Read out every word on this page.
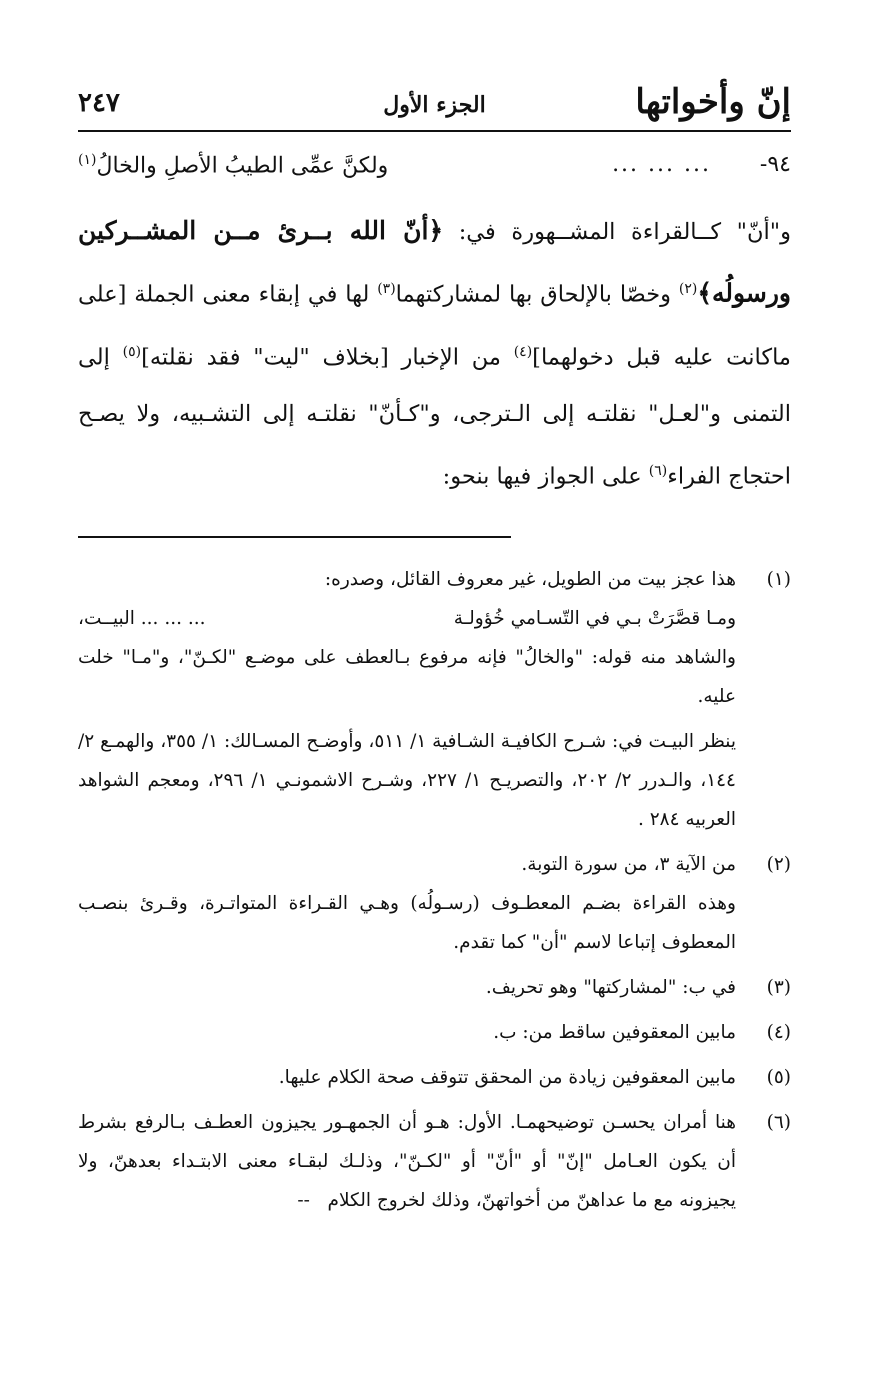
إنّ وأخواتها
الجزء الأول
٢٤٧
٩٤-
... ... ...
ولكنَّ عمِّى الطيبُ الأصلِ والخالُ$^{(١)}$

و"أنّ" كــالقراءة المشــهورة في: ﴿أنّ الله بــرئ مــن المشــركين ورسولُه﴾$^{(٢)}$ وخصّا بالإلحاق بها لمشاركتهما$^{(٣)}$ لها في إبقاء معنى الجملة [على ماكانت عليه قبل دخولهما]$^{(٤)}$ من الإخبار [بخلاف "ليت" فقد نقلته]$^{(٥)}$ إلى التمنى و"لعـل" نقلتـه إلى الـترجى، و"كـأنّ" نقلتـه إلى التشـبيه، ولا يصـح احتجاج الفراء$^{(٦)}$ على الجواز فيها بنحو:

(١)

هذا عجز بيت من الطويل، غير معروف القائل، وصدره:

ومـا قصَّرَتْ بـي في التّسـامي خُؤولـة
... ... ... البيــت،

والشاهد منه قوله: "والخالُ" فإنه مرفوع بـالعطف على موضـع "لكـنّ"، و"مـا" خلت عليه.

ينظر البيـت في: شـرح الكافيـة الشـافية ١/ ٥١١، وأوضـح المسـالك: ١/ ٣٥٥، والهمـع ٢/ ١٤٤، والـدرر ٢/ ٢٠٢، والتصريـح ١/ ٢٢٧، وشـرح الاشمونـي ١/ ٢٩٦، ومعجم الشواهد العربيه ٢٨٤ .

(٢)

من الآية ٣، من سورة التوبة.

وهذه القراءة بضـم المعطـوف (رسـولُه) وهـي القـراءة المتواتـرة، وقـرئ بنصـب المعطوف إتباعا لاسم "أن" كما تقدم.

(٣)

في ب: "لمشاركتها" وهو تحريف.

(٤)

مابين المعقوفين ساقط من: ب.

(٥)

مابين المعقوفين زيادة من المحقق تتوقف صحة الكلام عليها.

(٦)

هنا أمران يحسـن توضيحهمـا. الأول: هـو أن الجمهـور يجيزون العطـف بـالرفع بشرط أن يكون العـامل "إنّ" أو "أنّ" أو "لكـنّ"، وذلـك لبقـاء معنى الابتـداء بعدهنّ، ولا يجيزونه مع ما عداهنّ من أخواتهنّ، وذلك لخروج الكلام   --
